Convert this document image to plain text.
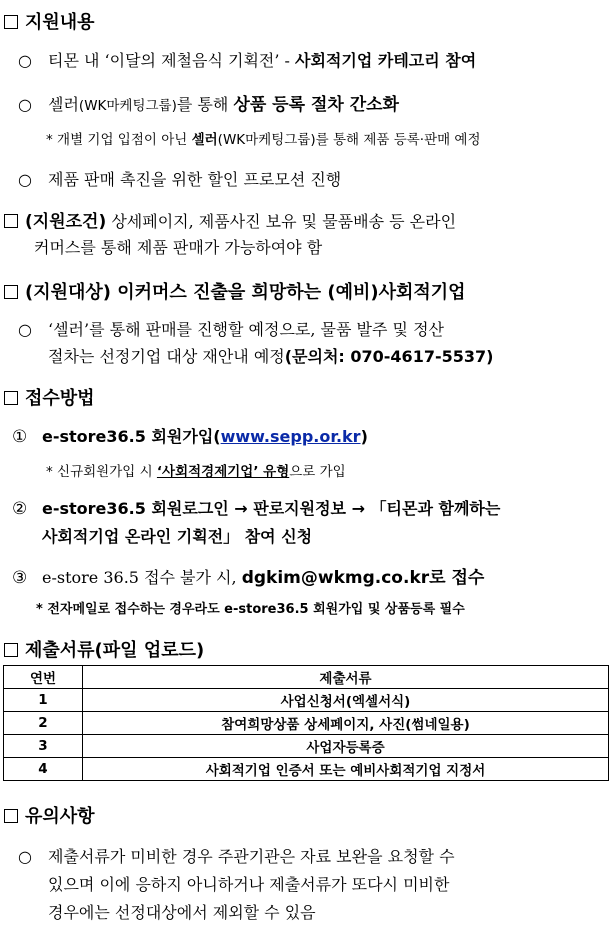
지원내용
○ 티몬 내 ‘이달의 제철음식 기획전’ - 사회적기업 카테고리 참여
○ 셀러(WK마케팅그룹)를 통해 상품 등록 절차 간소화
* 개별 기업 입점이 아닌 셀러(WK마케팅그룹)를 통해 제품 등록·판매 예정
○ 제품 판매 촉진을 위한 할인 프로모션 진행
(지원조건) 상세페이지, 제품사진 보유 및 물품배송 등 온라인
커머스를 통해 제품 판매가 가능하여야 함
(지원대상) 이커머스 진출을 희망하는 (예비)사회적기업
○ ‘셀러’를 통해 판매를 진행할 예정으로, 물품 발주 및 정산
절차는 선정기업 대상 재안내 예정(문의처: 070-4617-5537)
접수방법
① e-store36.5 회원가입(www.sepp.or.kr)
* 신규회원가입 시 ‘사회적경제기업’ 유형으로 가입
② e-store36.5 회원로그인 → 판로지원정보 → 「티몬과 함께하는
사회적기업 온라인 기획전」 참여 신청
③ e-store 36.5 접수 불가 시, dgkim@wkmg.co.kr로 접수
* 전자메일로 접수하는 경우라도 e-store36.5 회원가입 및 상품등록 필수
제출서류(파일 업로드)
연번	제출서류
1	사업신청서(엑셀서식)
2	참여희망상품 상세페이지, 사진(썸네일용)
3	사업자등록증
4	사회적기업 인증서 또는 예비사회적기업 지정서
유의사항
○ 제출서류가 미비한 경우 주관기관은 자료 보완을 요청할 수
있으며 이에 응하지 아니하거나 제출서류가 또다시 미비한
경우에는 선정대상에서 제외할 수 있음
